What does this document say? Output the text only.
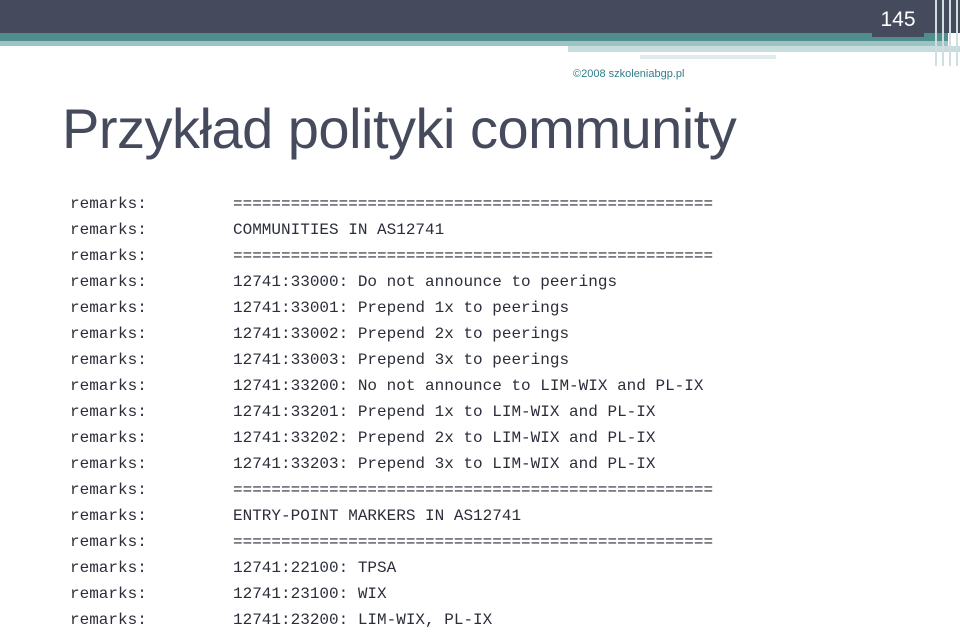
145
©2008 szkoleniabgp.pl
Przykład polityki community
remarks:	==================================================
remarks:	COMMUNITIES IN AS12741
remarks:	==================================================
remarks:	12741:33000: Do not announce to peerings
remarks:	12741:33001: Prepend 1x to peerings
remarks:	12741:33002: Prepend 2x to peerings
remarks:	12741:33003: Prepend 3x to peerings
remarks:	12741:33200: No not announce to LIM-WIX and PL-IX
remarks:	12741:33201: Prepend 1x to LIM-WIX and PL-IX
remarks:	12741:33202: Prepend 2x to LIM-WIX and PL-IX
remarks:	12741:33203: Prepend 3x to LIM-WIX and PL-IX
remarks:	==================================================
remarks:	ENTRY-POINT MARKERS IN AS12741
remarks:	==================================================
remarks:	12741:22100: TPSA
remarks:	12741:23100: WIX
remarks:	12741:23200: LIM-WIX, PL-IX
